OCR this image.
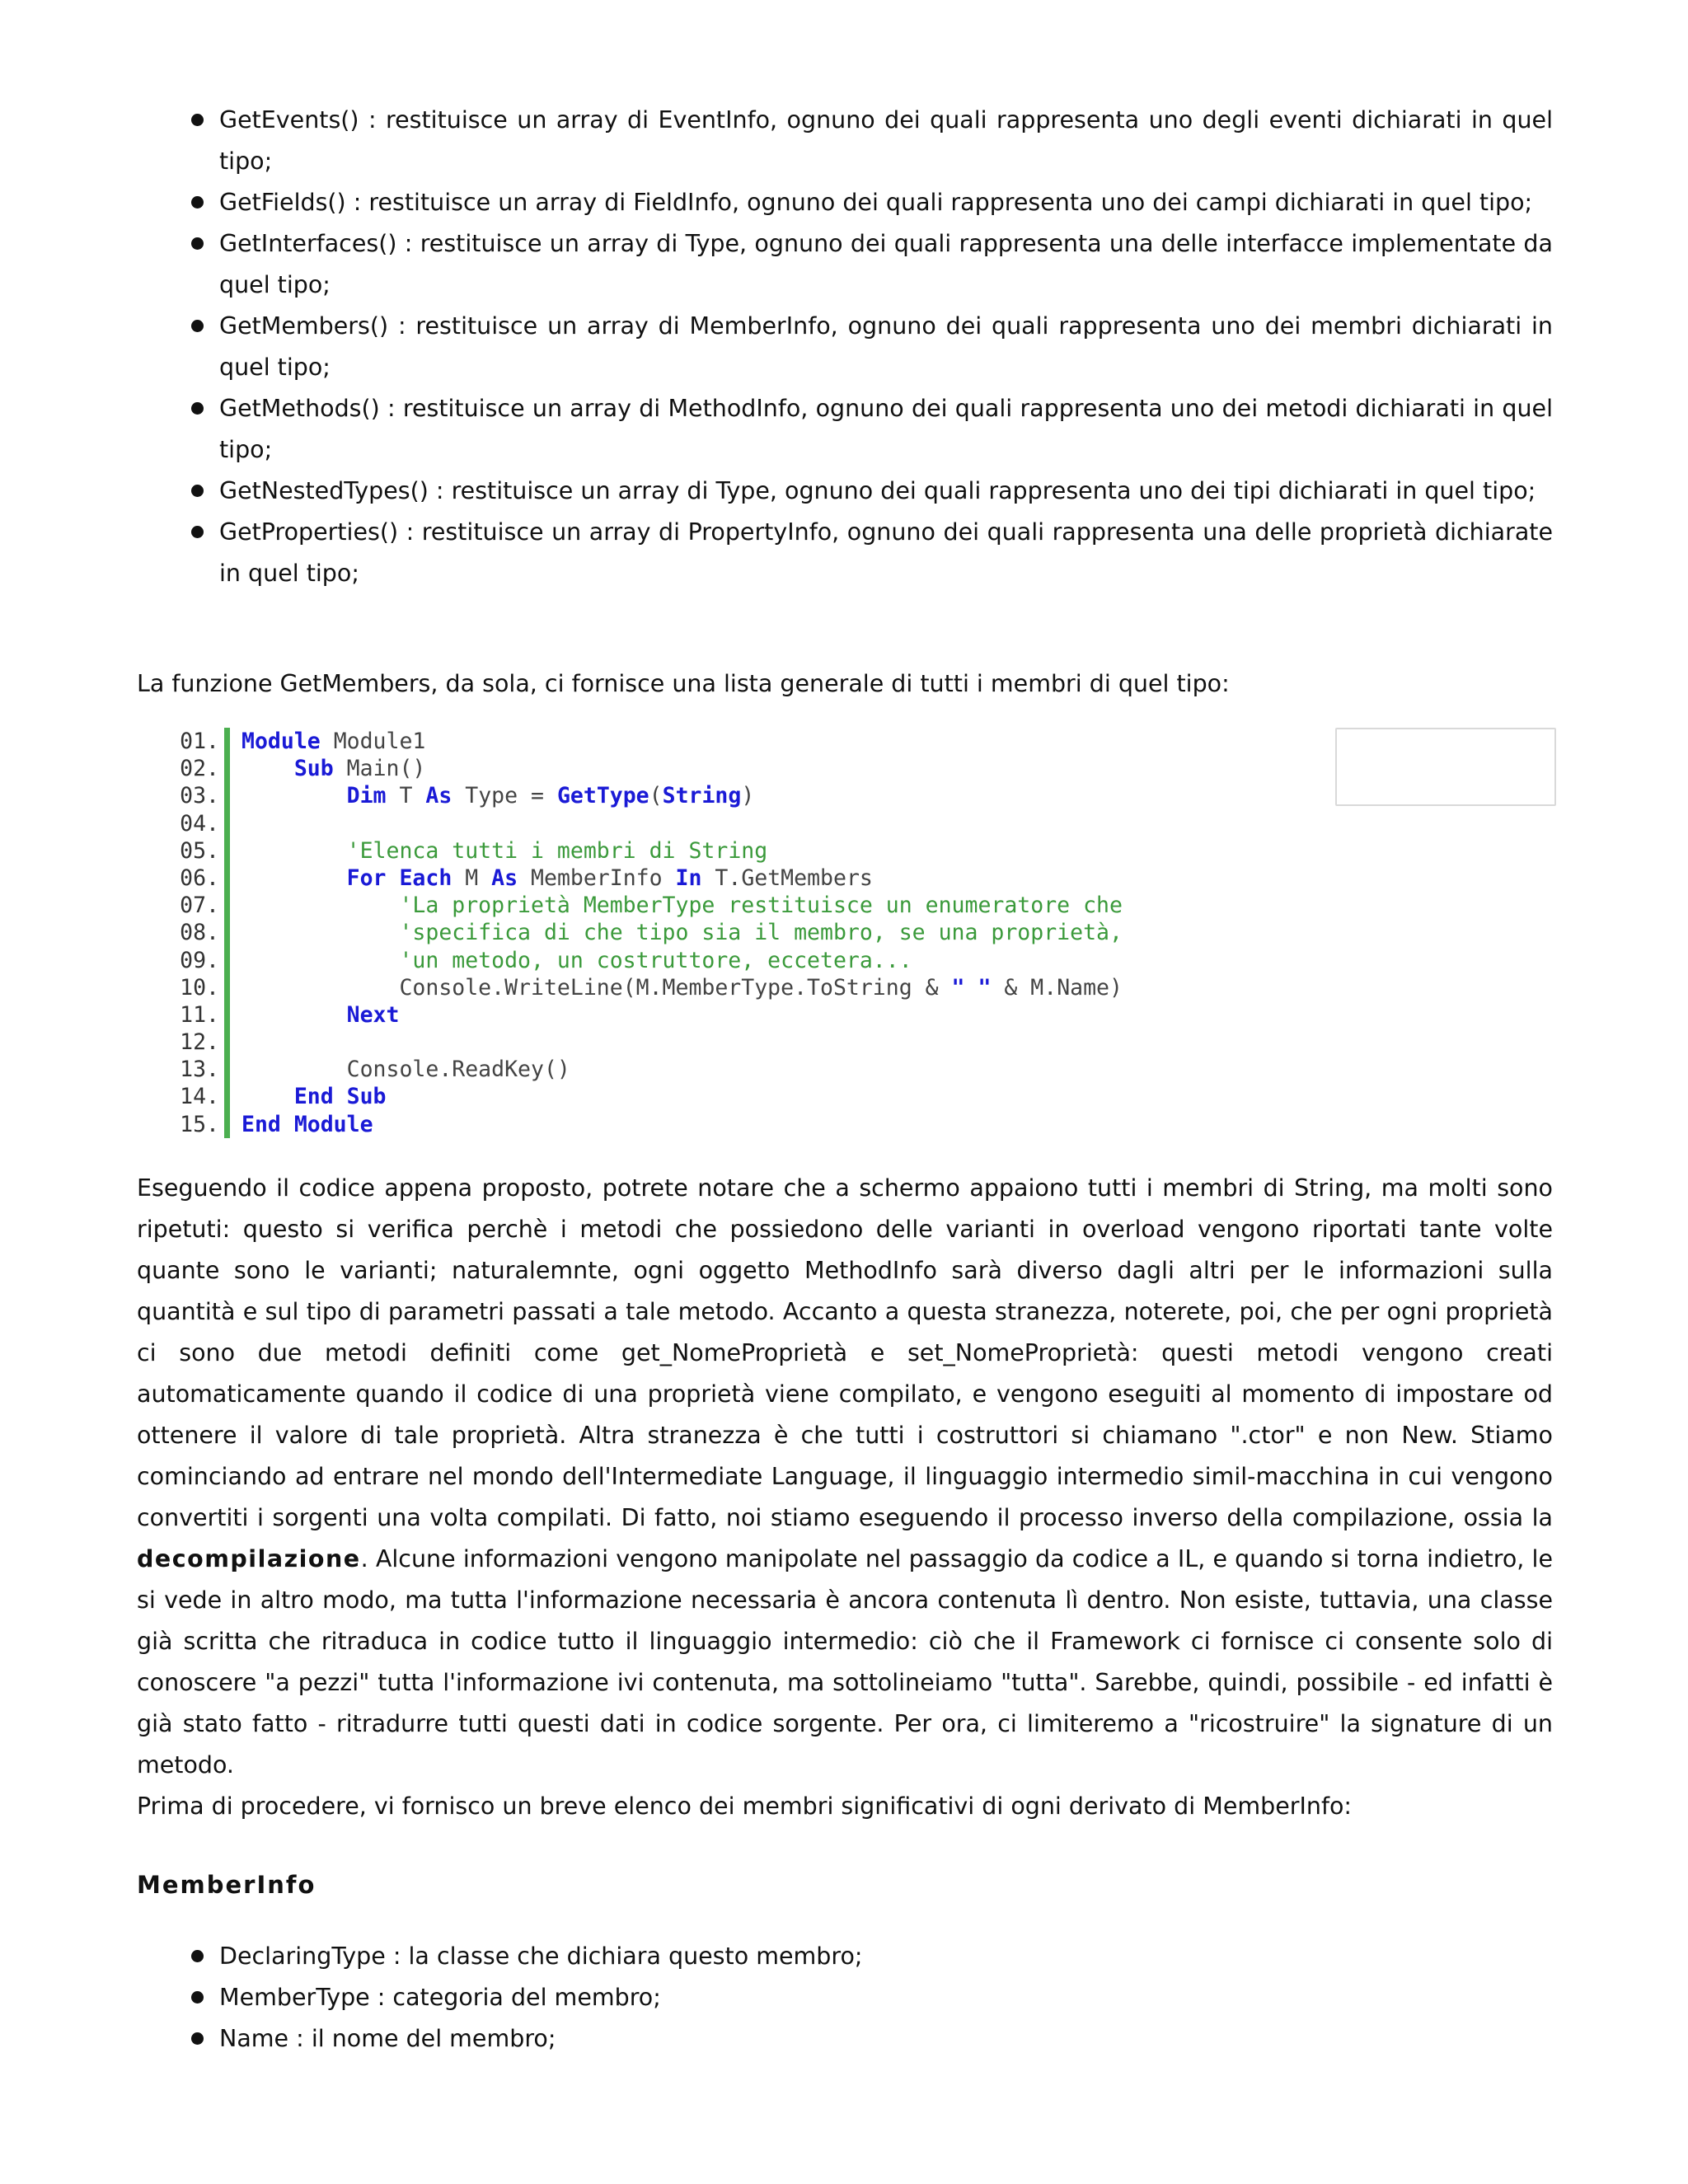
GetEvents() : restituisce un array di EventInfo, ognuno dei quali rappresenta uno degli eventi dichiarati in quel tipo;
GetFields() : restituisce un array di FieldInfo, ognuno dei quali rappresenta uno dei campi dichiarati in quel tipo;
GetInterfaces() : restituisce un array di Type, ognuno dei quali rappresenta una delle interfacce implementate da quel tipo;
GetMembers() : restituisce un array di MemberInfo, ognuno dei quali rappresenta uno dei membri dichiarati in quel tipo;
GetMethods() : restituisce un array di MethodInfo, ognuno dei quali rappresenta uno dei metodi dichiarati in quel tipo;
GetNestedTypes() : restituisce un array di Type, ognuno dei quali rappresenta uno dei tipi dichiarati in quel tipo;
GetProperties() : restituisce un array di PropertyInfo, ognuno dei quali rappresenta una delle proprietà dichiarate in quel tipo;

La funzione GetMembers, da sola, ci fornisce una lista generale di tutti i membri di quel tipo:

01. Module Module1
02.	Sub Main()
03.	Dim T As Type = GetType(String)
04.
05.	'Elenca tutti i membri di String
06.	For Each M As MemberInfo In T.GetMembers
07.	'La proprietà MemberType restituisce un enumeratore che
08.	'specifica di che tipo sia il membro, se una proprietà,
09.	'un metodo, un costruttore, eccetera...
10.	Console.WriteLine(M.MemberType.ToString & " " & M.Name)
11.	Next
12.
13.	Console.ReadKey()
14.	End Sub
15. End Module

Eseguendo il codice appena proposto, potrete notare che a schermo appaiono tutti i membri di String, ma molti sono ripetuti: questo si verifica perchè i metodi che possiedono delle varianti in overload vengono riportati tante volte quante sono le varianti; naturalemnte, ogni oggetto MethodInfo sarà diverso dagli altri per le informazioni sulla quantità e sul tipo di parametri passati a tale metodo. Accanto a questa stranezza, noterete, poi, che per ogni proprietà ci sono due metodi definiti come get_NomeProprietà e set_NomeProprietà: questi metodi vengono creati automaticamente quando il codice di una proprietà viene compilato, e vengono eseguiti al momento di impostare od ottenere il valore di tale proprietà. Altra stranezza è che tutti i costruttori si chiamano ".ctor" e non New. Stiamo cominciando ad entrare nel mondo dell'Intermediate Language, il linguaggio intermedio simil-macchina in cui vengono convertiti i sorgenti una volta compilati. Di fatto, noi stiamo eseguendo il processo inverso della compilazione, ossia la decompilazione. Alcune informazioni vengono manipolate nel passaggio da codice a IL, e quando si torna indietro, le si vede in altro modo, ma tutta l'informazione necessaria è ancora contenuta lì dentro. Non esiste, tuttavia, una classe già scritta che ritraduca in codice tutto il linguaggio intermedio: ciò che il Framework ci fornisce ci consente solo di conoscere "a pezzi" tutta l'informazione ivi contenuta, ma sottolineiamo "tutta". Sarebbe, quindi, possibile - ed infatti è già stato fatto - ritradurre tutti questi dati in codice sorgente. Per ora, ci limiteremo a "ricostruire" la signature di un metodo.

Prima di procedere, vi fornisco un breve elenco dei membri significativi di ogni derivato di MemberInfo:

MemberInfo
DeclaringType : la classe che dichiara questo membro;
MemberType : categoria del membro;
Name : il nome del membro;
